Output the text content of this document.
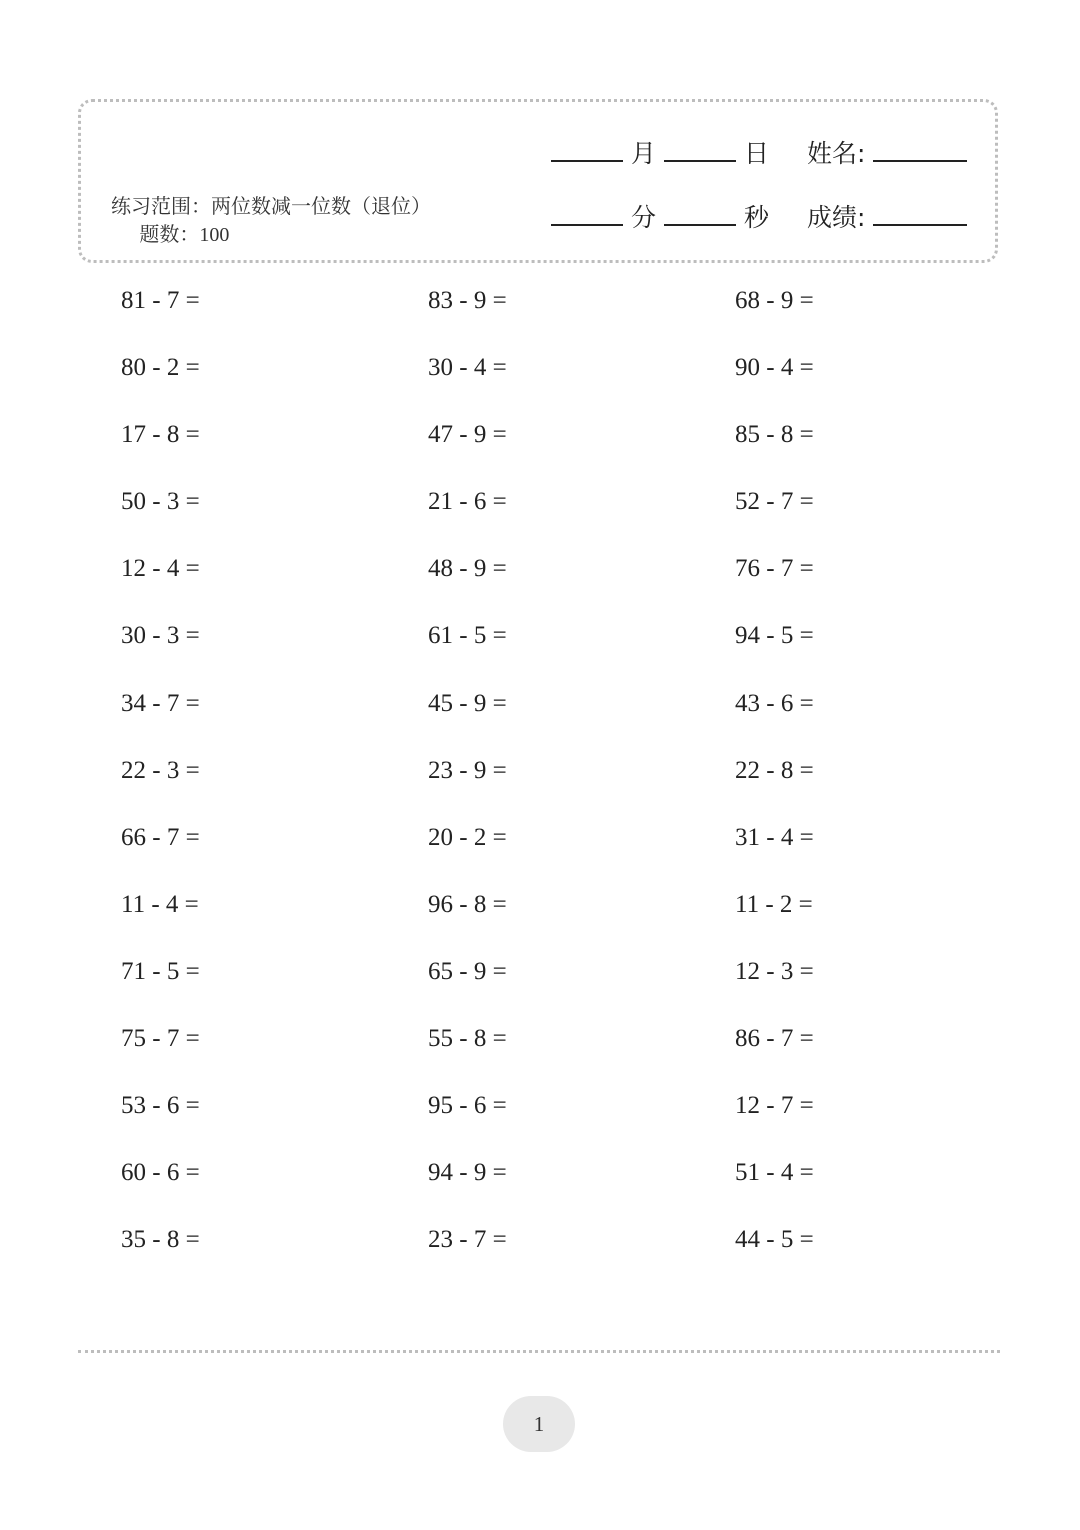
练习范围：两位数减一位数（退位）  题数：100
月	日 姓名:
分	秒 成绩:
81 - 7 =	83 - 9 =	68 - 9 =
80 - 2 =	30 - 4 =	90 - 4 =
17 - 8 =	47 - 9 =	85 - 8 =
50 - 3 =	21 - 6 =	52 - 7 =
12 - 4 =	48 - 9 =	76 - 7 =
30 - 3 =	61 - 5 =	94 - 5 =
34 - 7 =	45 - 9 =	43 - 6 =
22 - 3 =	23 - 9 =	22 - 8 =
66 - 7 =	20 - 2 =	31 - 4 =
11 - 4 =	96 - 8 =	11 - 2 =
71 - 5 =	65 - 9 =	12 - 3 =
75 - 7 =	55 - 8 =	86 - 7 =
53 - 6 =	95 - 6 =	12 - 7 =
60 - 6 =	94 - 9 =	51 - 4 =
35 - 8 =	23 - 7 =	44 - 5 =
1
